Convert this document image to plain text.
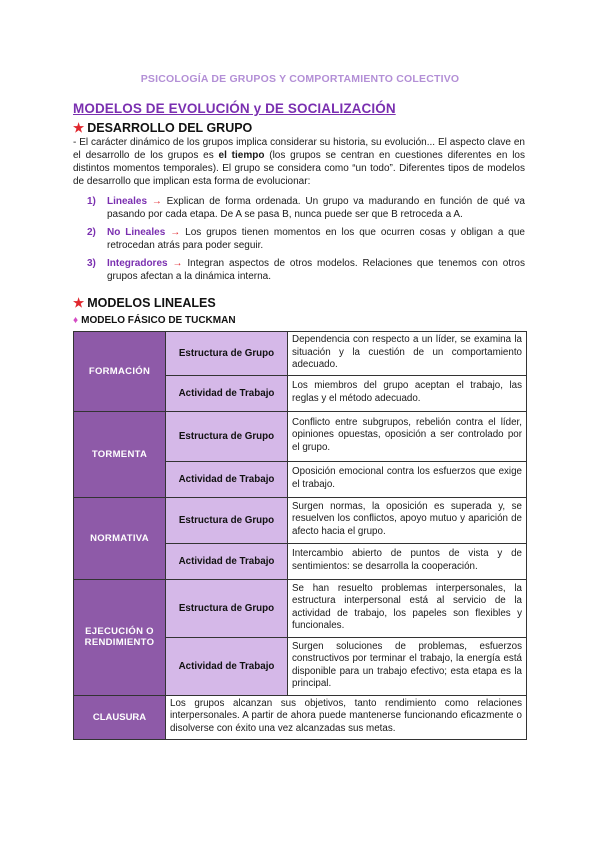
PSICOLOGÍA DE GRUPOS Y COMPORTAMIENTO COLECTIVO
MODELOS DE EVOLUCIÓN y DE SOCIALIZACIÓN
★ DESARROLLO DEL GRUPO
- El carácter dinámico de los grupos implica considerar su historia, su evolución... El aspecto clave en el desarrollo de los grupos es el tiempo (los grupos se centran en cuestiones diferentes en los distintos momentos temporales). El grupo se considera como “un todo”. Diferentes tipos de modelos de desarrollo que implican esta forma de evolucionar:
1) Lineales → Explican de forma ordenada. Un grupo va madurando en función de qué va pasando por cada etapa. De A se pasa B, nunca puede ser que B retroceda a A.
2) No Lineales → Los grupos tienen momentos en los que ocurren cosas y obligan a que retrocedan atrás para poder seguir.
3) Integradores → Integran aspectos de otros modelos. Relaciones que tenemos con otros grupos afectan a la dinámica interna.
★ MODELOS LINEALES
♦ MODELO FÁSICO DE TUCKMAN
FORMACIÓN	Estructura de Grupo	Dependencia con respecto a un líder, se examina la situación y la cuestión de un comportamiento adecuado.
	Actividad de Trabajo	Los miembros del grupo aceptan el trabajo, las reglas y el método adecuado.
TORMENTA	Estructura de Grupo	Conflicto entre subgrupos, rebelión contra el líder, opiniones opuestas, oposición a ser controlado por el grupo.
	Actividad de Trabajo	Oposición emocional contra los esfuerzos que exige el trabajo.
NORMATIVA	Estructura de Grupo	Surgen normas, la oposición es superada y, se resuelven los conflictos, apoyo mutuo y aparición de afecto hacia el grupo.
	Actividad de Trabajo	Intercambio abierto de puntos de vista y de sentimientos: se desarrolla la cooperación.
EJECUCIÓN O RENDIMIENTO	Estructura de Grupo	Se han resuelto problemas interpersonales, la estructura interpersonal está al servicio de la actividad de trabajo, los papeles son flexibles y funcionales.
	Actividad de Trabajo	Surgen soluciones de problemas, esfuerzos constructivos por terminar el trabajo, la energía está disponible para un trabajo efectivo; esta etapa es la principal.
CLAUSURA	Los grupos alcanzan sus objetivos, tanto rendimiento como relaciones interpersonales. A partir de ahora puede mantenerse funcionando eficazmente o disolverse con éxito una vez alcanzadas sus metas.	
